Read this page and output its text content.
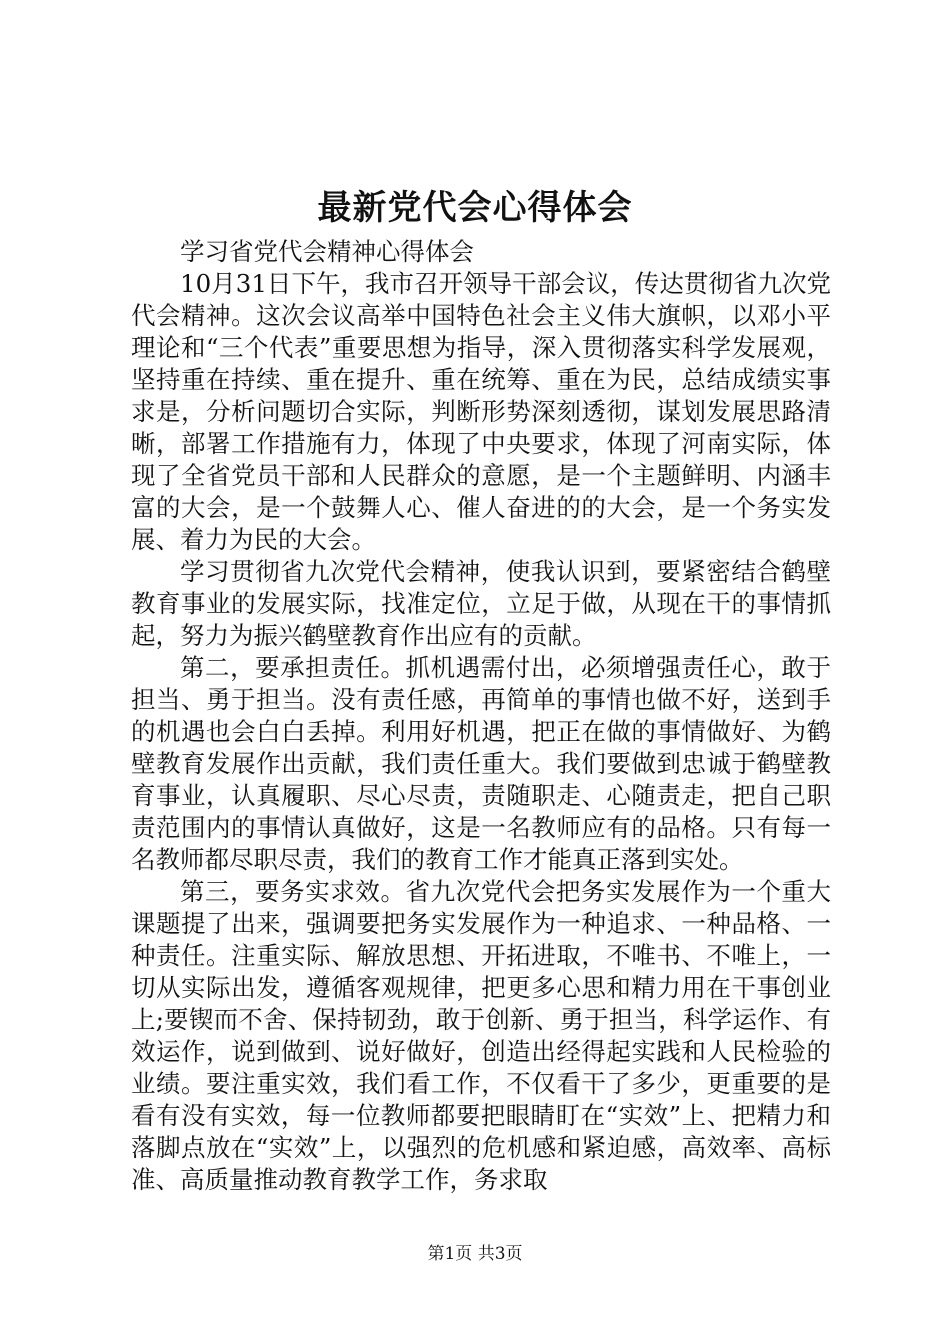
最新党代会心得体会

学习省党代会精神心得体会

10月31日下午，我市召开领导干部会议，传达贯彻省九次党代会精神。这次会议高举中国特色社会主义伟大旗帜，以邓小平理论和“三个代表”重要思想为指导，深入贯彻落实科学发展观，坚持重在持续、重在提升、重在统筹、重在为民，总结成绩实事求是，分析问题切合实际，判断形势深刻透彻，谋划发展思路清晰，部署工作措施有力，体现了中央要求，体现了河南实际，体现了全省党员干部和人民群众的意愿，是一个主题鲜明、内涵丰富的大会，是一个鼓舞人心、催人奋进的的大会，是一个务实发展、着力为民的大会。

学习贯彻省九次党代会精神，使我认识到，要紧密结合鹤壁教育事业的发展实际，找准定位，立足于做，从现在干的事情抓起，努力为振兴鹤壁教育作出应有的贡献。

第二，要承担责任。抓机遇需付出，必须增强责任心，敢于担当、勇于担当。没有责任感，再简单的事情也做不好，送到手的机遇也会白白丢掉。利用好机遇，把正在做的事情做好、为鹤壁教育发展作出贡献，我们责任重大。我们要做到忠诚于鹤壁教育事业，认真履职、尽心尽责，责随职走、心随责走，把自己职责范围内的事情认真做好，这是一名教师应有的品格。只有每一名教师都尽职尽责，我们的教育工作才能真正落到实处。

第三，要务实求效。省九次党代会把务实发展作为一个重大课题提了出来，强调要把务实发展作为一种追求、一种品格、一种责任。注重实际、解放思想、开拓进取，不唯书、不唯上，一切从实际出发，遵循客观规律，把更多心思和精力用在干事创业上;要锲而不舍、保持韧劲，敢于创新、勇于担当，科学运作、有效运作，说到做到、说好做好，创造出经得起实践和人民检验的业绩。要注重实效，我们看工作，不仅看干了多少，更重要的是看有没有实效，每一位教师都要把眼睛盯在“实效”上、把精力和落脚点放在“实效”上，以强烈的危机感和紧迫感，高效率、高标准、高质量推动教育教学工作，务求取

第1页 共3页
